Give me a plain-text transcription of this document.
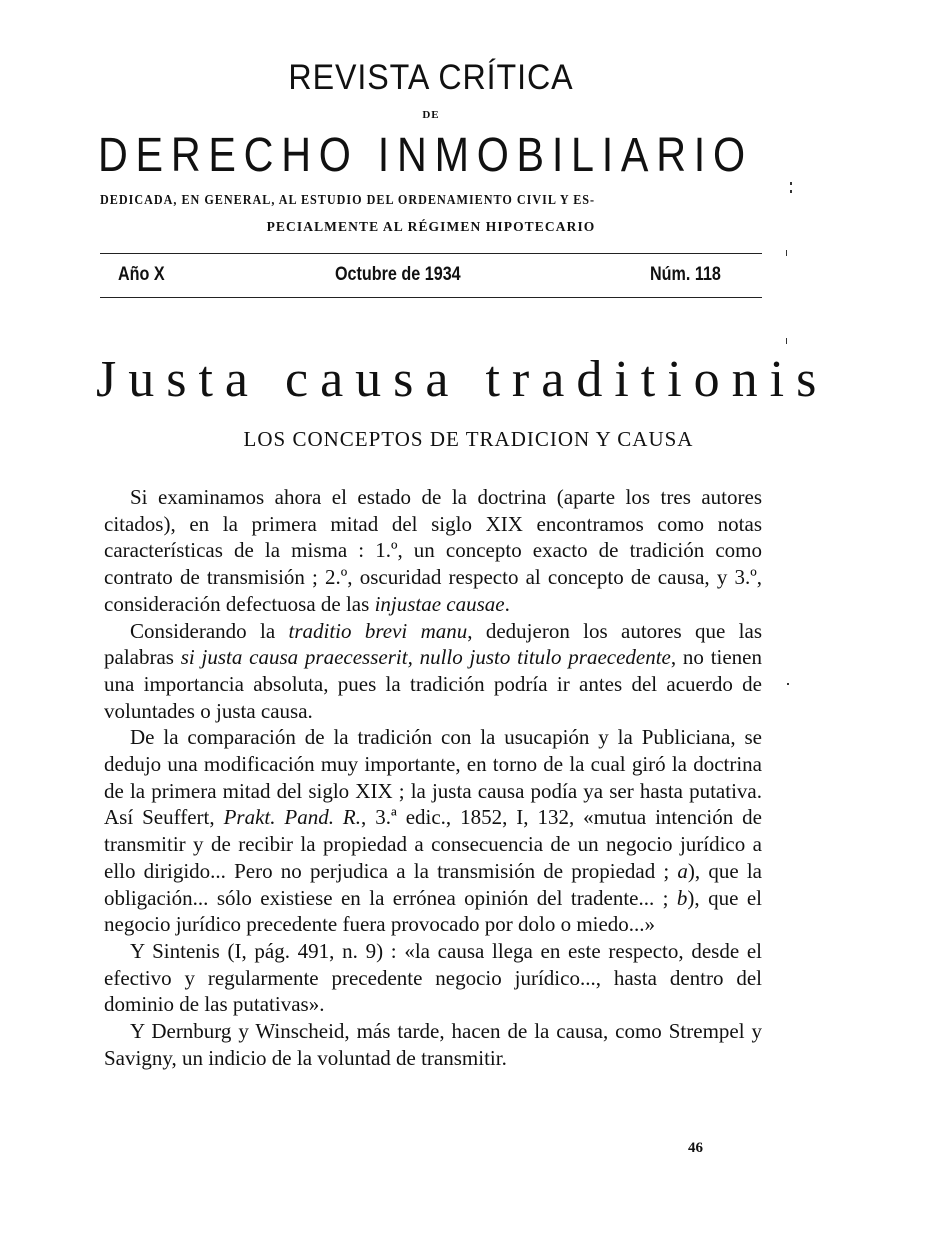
REVISTA CRÍTICA
DE
DERECHO INMOBILIARIO
DEDICADA, EN GENERAL, AL ESTUDIO DEL ORDENAMIENTO CIVIL Y ES-
PECIALMENTE AL RÉGIMEN HIPOTECARIO
Año X	Octubre de 1934	Núm. 118
Justa causa traditionis
LOS CONCEPTOS DE TRADICION Y CAUSA

Si examinamos ahora el estado de la doctrina (aparte los tres autores citados), en la primera mitad del siglo XIX encontramos como notas características de la misma : 1.º, un concepto exacto de tradición como contrato de transmisión ; 2.º, oscuridad respecto al concepto de causa, y 3.º, consideración defectuosa de las injustae causae.

Considerando la traditio brevi manu, dedujeron los autores que las palabras si justa causa praecesserit, nullo justo titulo praecedente, no tienen una importancia absoluta, pues la tradición podría ir antes del acuerdo de voluntades o justa causa.

De la comparación de la tradición con la usucapión y la Publiciana, se dedujo una modificación muy importante, en torno de la cual giró la doctrina de la primera mitad del siglo XIX ; la justa causa podía ya ser hasta putativa. Así Seuffert, Prakt. Pand. R., 3.ª edic., 1852, I, 132, «mutua intención de transmitir y de recibir la propiedad a consecuencia de un negocio jurídico a ello dirigido... Pero no perjudica a la transmisión de propiedad ; a), que la obligación... sólo existiese en la errónea opinión del tradente... ; b), que el negocio jurídico precedente fuera provocado por dolo o miedo...»

Y Sintenis (I, pág. 491, n. 9) : «la causa llega en este respecto, desde el efectivo y regularmente precedente negocio jurídico..., hasta dentro del dominio de las putativas».

Y Dernburg y Winscheid, más tarde, hacen de la causa, como Strempel y Savigny, un indicio de la voluntad de transmitir.

46
